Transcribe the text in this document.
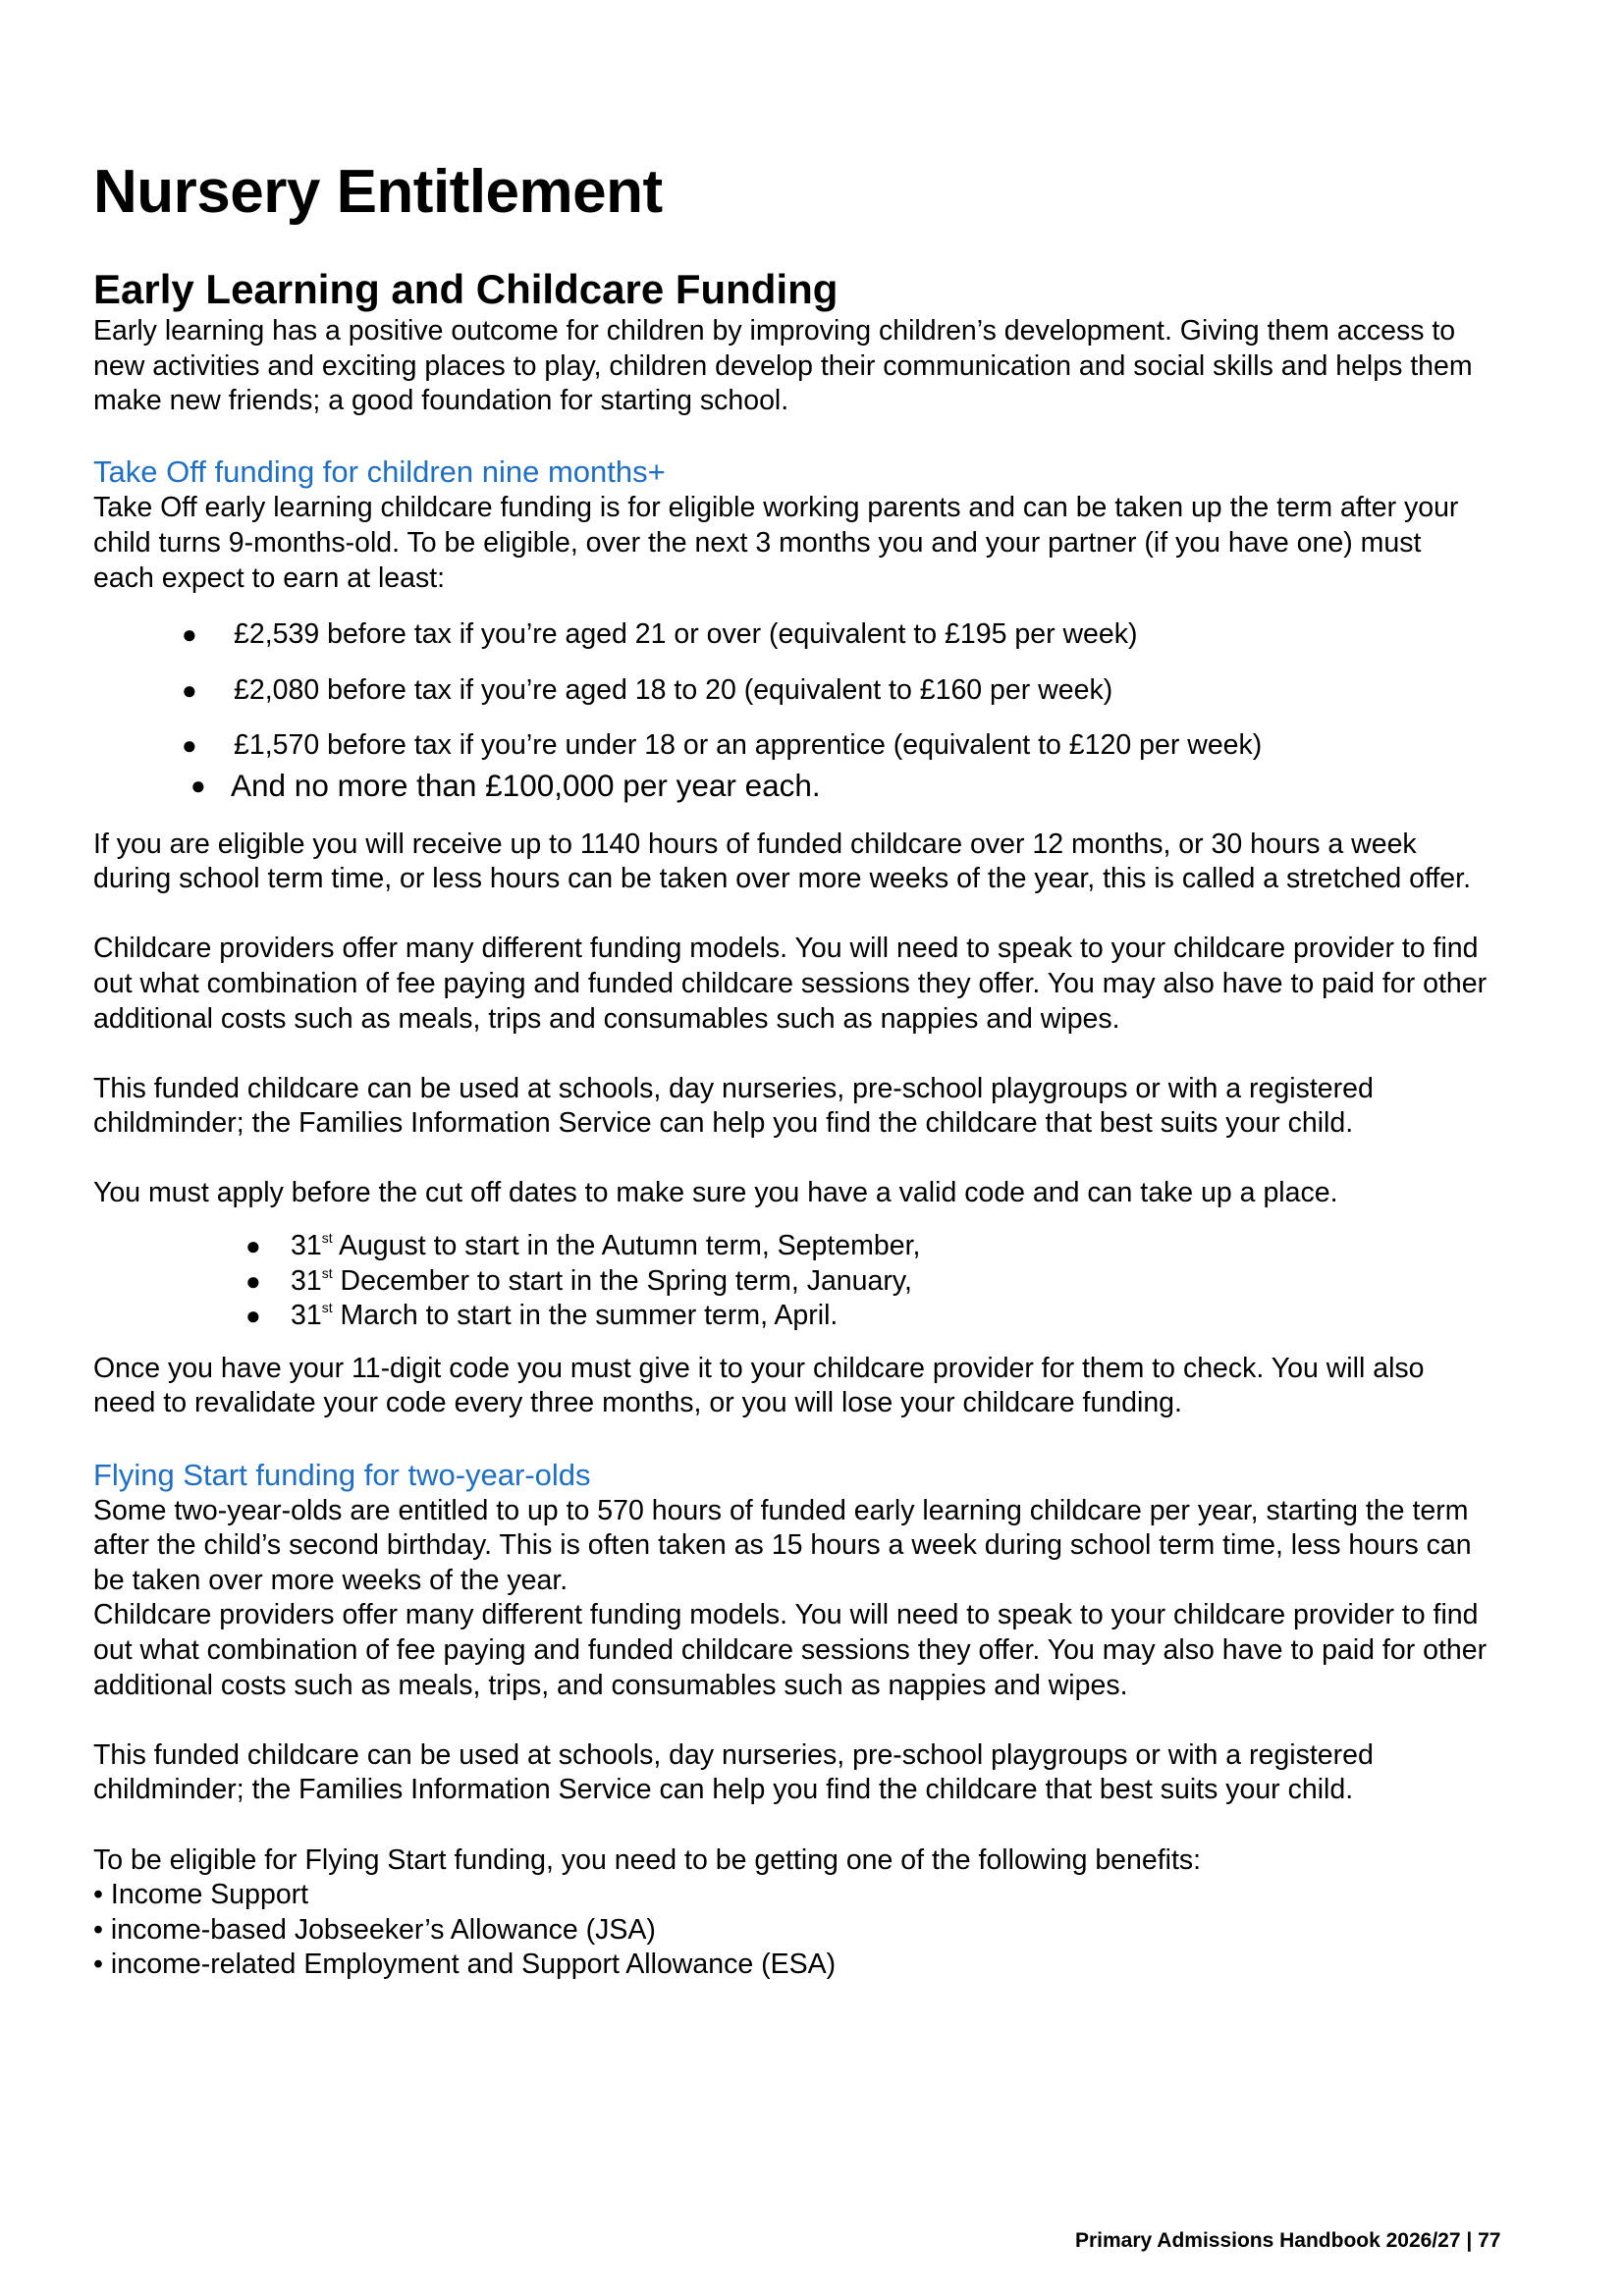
Nursery Entitlement
Early Learning and Childcare Funding

Early learning has a positive outcome for children by improving children’s development. Giving them access to new activities and exciting places to play, children develop their communication and social skills and helps them make new friends; a good foundation for starting school.

Take Off funding for children nine months+

Take Off early learning childcare funding is for eligible working parents and can be taken up the term after your child turns 9-months-old. To be eligible, over the next 3 months you and your partner (if you have one) must each expect to earn at least:

● £2,539 before tax if you’re aged 21 or over (equivalent to £195 per week)
● £2,080 before tax if you’re aged 18 to 20 (equivalent to £160 per week)
● £1,570 before tax if you’re under 18 or an apprentice (equivalent to £120 per week)
● And no more than £100,000 per year each.

If you are eligible you will receive up to 1140 hours of funded childcare over 12 months, or 30 hours a week during school term time, or less hours can be taken over more weeks of the year, this is called a stretched offer.

Childcare providers offer many different funding models. You will need to speak to your childcare provider to find out what combination of fee paying and funded childcare sessions they offer. You may also have to paid for other additional costs such as meals, trips and consumables such as nappies and wipes.

This funded childcare can be used at schools, day nurseries, pre-school playgroups or with a registered childminder; the Families Information Service can help you find the childcare that best suits your child.

You must apply before the cut off dates to make sure you have a valid code and can take up a place.

● 31st August to start in the Autumn term, September,
● 31st December to start in the Spring term, January,
● 31st March to start in the summer term, April.

Once you have your 11-digit code you must give it to your childcare provider for them to check. You will also need to revalidate your code every three months, or you will lose your childcare funding.

Flying Start funding for two-year-olds

Some two-year-olds are entitled to up to 570 hours of funded early learning childcare per year, starting the term after the child’s second birthday. This is often taken as 15 hours a week during school term time, less hours can be taken over more weeks of the year.

Childcare providers offer many different funding models. You will need to speak to your childcare provider to find out what combination of fee paying and funded childcare sessions they offer. You may also have to paid for other additional costs such as meals, trips, and consumables such as nappies and wipes.

This funded childcare can be used at schools, day nurseries, pre-school playgroups or with a registered childminder; the Families Information Service can help you find the childcare that best suits your child.

To be eligible for Flying Start funding, you need to be getting one of the following benefits:

• Income Support
• income-based Jobseeker’s Allowance (JSA)
• income-related Employment and Support Allowance (ESA)
Primary Admissions Handbook 2026/27 | 77
